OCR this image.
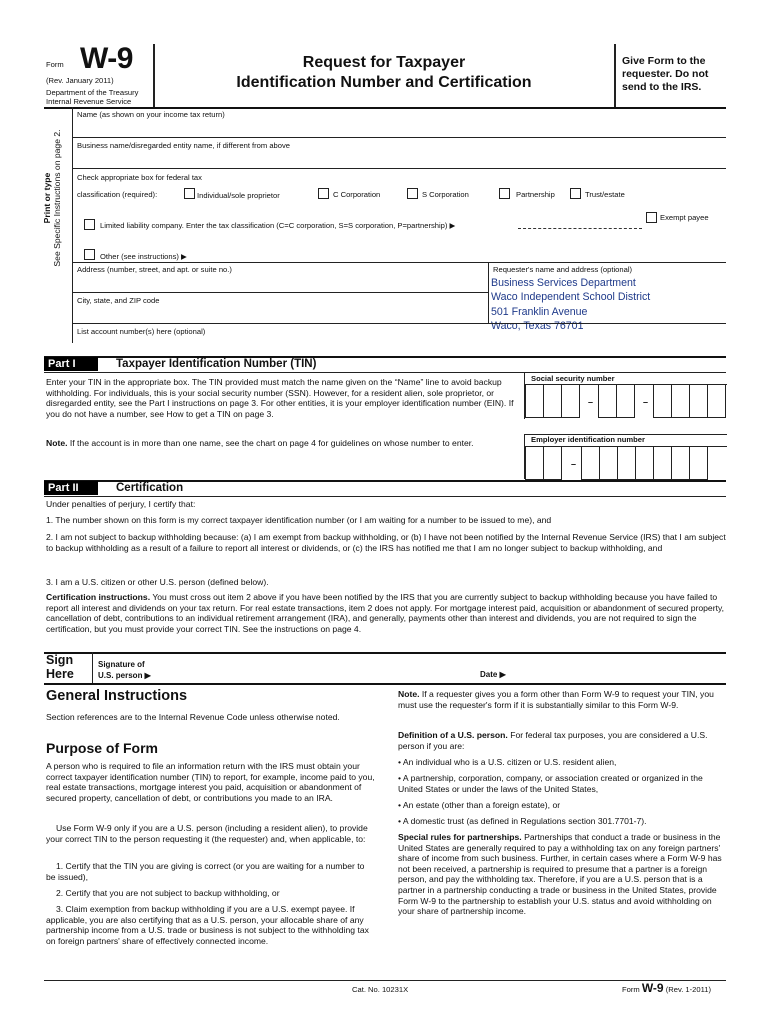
Form W-9
(Rev. January 2011)
Department of the Treasury
Internal Revenue Service
Request for Taxpayer
Identification Number and Certification
Give Form to the requester. Do not send to the IRS.
Print or type See Specific Instructions on page 2.
Name (as shown on your income tax return)
Business name/disregarded entity name, if different from above
Check appropriate box for federal tax
classification (required):	Individual/sole proprietor	C Corporation	S Corporation	Partnership	Trust/estate
Exempt payee
Limited liability company. Enter the tax classification (C=C corporation, S=S corporation, P=partnership) ▶
Other (see instructions) ▶
Address (number, street, and apt. or suite no.)	Requester's name and address (optional)
Business Services Department
Waco Independent School District
501 Franklin Avenue
Waco, Texas 76701
City, state, and ZIP code
List account number(s) here (optional)
Part I	Taxpayer Identification Number (TIN)
Enter your TIN in the appropriate box. The TIN provided must match the name given on the “Name” line to avoid backup withholding. For individuals, this is your social security number (SSN). However, for a resident alien, sole proprietor, or disregarded entity, see the Part I instructions on page 3. For other entities, it is your employer identification number (EIN). If you do not have a number, see How to get a TIN on page 3.
Note. If the account is in more than one name, see the chart on page 4 for guidelines on whose number to enter.
Social security number
–	–
Employer identification number
–
Part II	Certification
Under penalties of perjury, I certify that:
1. The number shown on this form is my correct taxpayer identification number (or I am waiting for a number to be issued to me), and
2. I am not subject to backup withholding because: (a) I am exempt from backup withholding, or (b) I have not been notified by the Internal Revenue Service (IRS) that I am subject to backup withholding as a result of a failure to report all interest or dividends, or (c) the IRS has notified me that I am no longer subject to backup withholding, and
3. I am a U.S. citizen or other U.S. person (defined below).
Certification instructions. You must cross out item 2 above if you have been notified by the IRS that you are currently subject to backup withholding because you have failed to report all interest and dividends on your tax return. For real estate transactions, item 2 does not apply. For mortgage interest paid, acquisition or abandonment of secured property, cancellation of debt, contributions to an individual retirement arrangement (IRA), and generally, payments other than interest and dividends, you are not required to sign the certification, but you must provide your correct TIN. See the instructions on page 4.
Sign
Here
Signature of
U.S. person ▶	Date ▶
General Instructions
Section references are to the Internal Revenue Code unless otherwise noted.
Purpose of Form
A person who is required to file an information return with the IRS must obtain your correct taxpayer identification number (TIN) to report, for example, income paid to you, real estate transactions, mortgage interest you paid, acquisition or abandonment of secured property, cancellation of debt, or contributions you made to an IRA.
Use Form W-9 only if you are a U.S. person (including a resident alien), to provide your correct TIN to the person requesting it (the requester) and, when applicable, to:
1. Certify that the TIN you are giving is correct (or you are waiting for a number to be issued),
2. Certify that you are not subject to backup withholding, or
3. Claim exemption from backup withholding if you are a U.S. exempt payee. If applicable, you are also certifying that as a U.S. person, your allocable share of any partnership income from a U.S. trade or business is not subject to the withholding tax on foreign partners' share of effectively connected income.
Note. If a requester gives you a form other than Form W-9 to request your TIN, you must use the requester's form if it is substantially similar to this Form W-9.
Definition of a U.S. person. For federal tax purposes, you are considered a U.S. person if you are:
• An individual who is a U.S. citizen or U.S. resident alien,
• A partnership, corporation, company, or association created or organized in the United States or under the laws of the United States,
• An estate (other than a foreign estate), or
• A domestic trust (as defined in Regulations section 301.7701-7).
Special rules for partnerships. Partnerships that conduct a trade or business in the United States are generally required to pay a withholding tax on any foreign partners' share of income from such business. Further, in certain cases where a Form W-9 has not been received, a partnership is required to presume that a partner is a foreign person, and pay the withholding tax. Therefore, if you are a U.S. person that is a partner in a partnership conducting a trade or business in the United States, provide Form W-9 to the partnership to establish your U.S. status and avoid withholding on your share of partnership income.
Cat. No. 10231X	Form W-9 (Rev. 1-2011)
